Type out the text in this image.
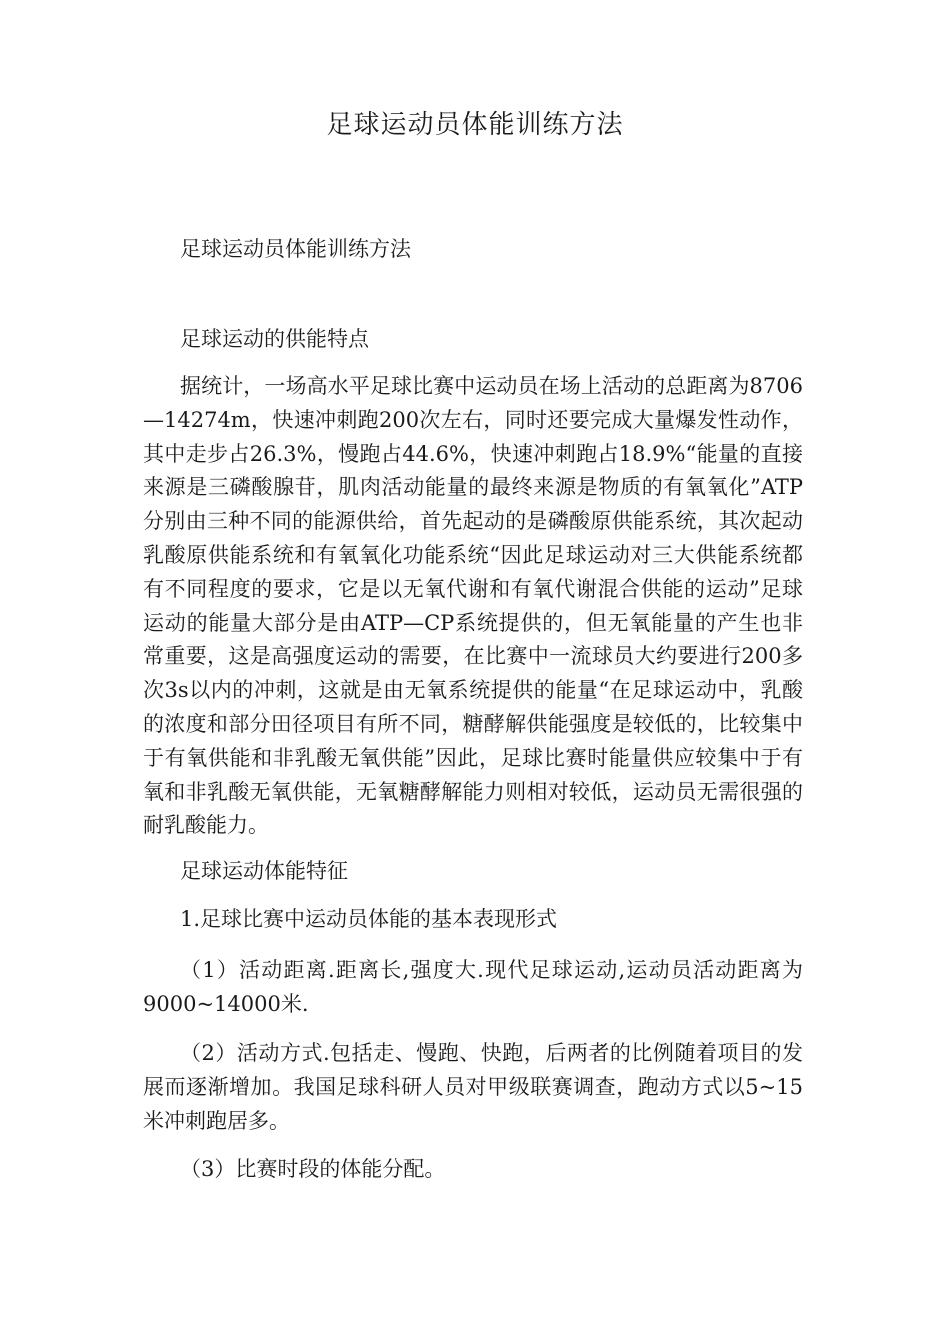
足球运动员体能训练方法

足球运动员体能训练方法

足球运动的供能特点

据统计，一场高水平足球比赛中运动员在场上活动的总距离为8706—14274m，快速冲刺跑200次左右，同时还要完成大量爆发性动作，其中走步占26.3%，慢跑占44.6%，快速冲刺跑占18.9%“能量的直接来源是三磷酸腺苷，肌肉活动能量的最终来源是物质的有氧氧化”ATP分别由三种不同的能源供给，首先起动的是磷酸原供能系统，其次起动乳酸原供能系统和有氧氧化功能系统“因此足球运动对三大供能系统都有不同程度的要求，它是以无氧代谢和有氧代谢混合供能的运动”足球运动的能量大部分是由ATP—CP系统提供的，但无氧能量的产生也非常重要，这是高强度运动的需要，在比赛中一流球员大约要进行200多次3s以内的冲刺，这就是由无氧系统提供的能量“在足球运动中，乳酸的浓度和部分田径项目有所不同，糖酵解供能强度是较低的，比较集中于有氧供能和非乳酸无氧供能”因此，足球比赛时能量供应较集中于有氧和非乳酸无氧供能，无氧糖酵解能力则相对较低，运动员无需很强的耐乳酸能力。

足球运动体能特征

1.足球比赛中运动员体能的基本表现形式

（1）活动距离.距离长,强度大.现代足球运动,运动员活动距离为9000~14000米.

（2）活动方式.包括走、慢跑、快跑，后两者的比例随着项目的发展而逐渐增加。我国足球科研人员对甲级联赛调查，跑动方式以5~15米冲刺跑居多。

（3）比赛时段的体能分配。
